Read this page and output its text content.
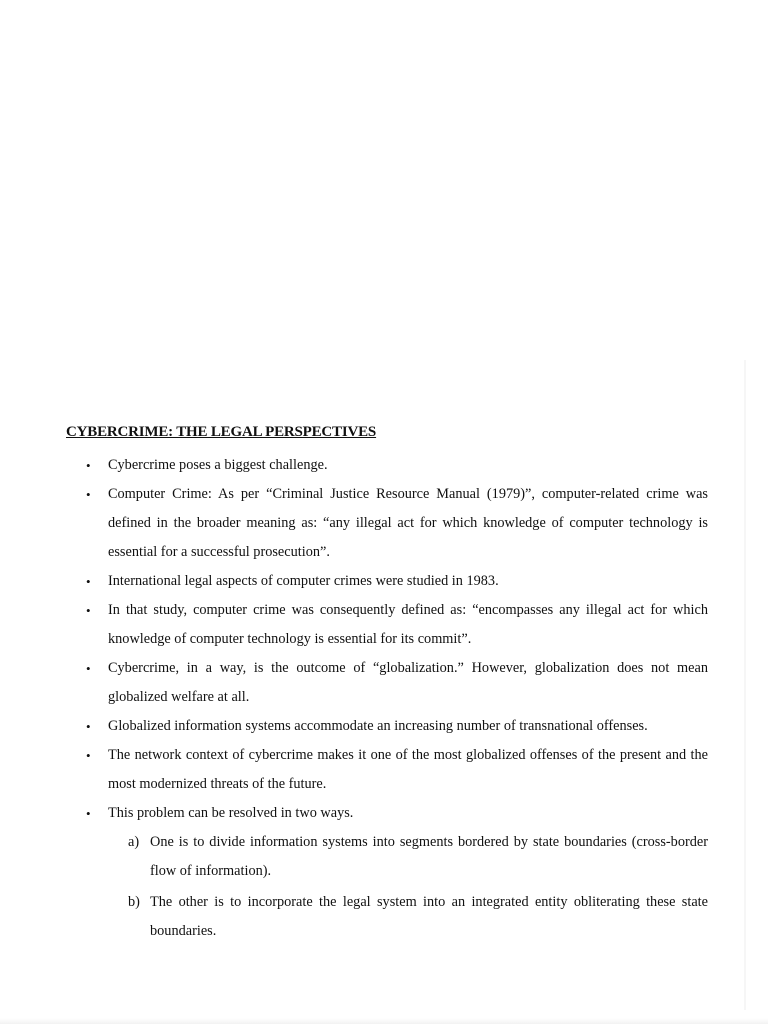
CYBERCRIME: THE LEGAL PERSPECTIVES
• Cybercrime poses a biggest challenge.
• Computer Crime: As per “Criminal Justice Resource Manual (1979)”, computer-related crime was defined in the broader meaning as: “any illegal act for which knowledge of computer technology is essential for a successful prosecution”.
• International legal aspects of computer crimes were studied in 1983.
• In that study, computer crime was consequently defined as: “encompasses any illegal act for which knowledge of computer technology is essential for its commit”.
• Cybercrime, in a way, is the outcome of “globalization.” However, globalization does not mean globalized welfare at all.
• Globalized information systems accommodate an increasing number of transnational offenses.
• The network context of cybercrime makes it one of the most globalized offenses of the present and the most modernized threats of the future.
• This problem can be resolved in two ways.
a) One is to divide information systems into segments bordered by state boundaries (cross-border flow of information).
b) The other is to incorporate the legal system into an integrated entity obliterating these state boundaries.
